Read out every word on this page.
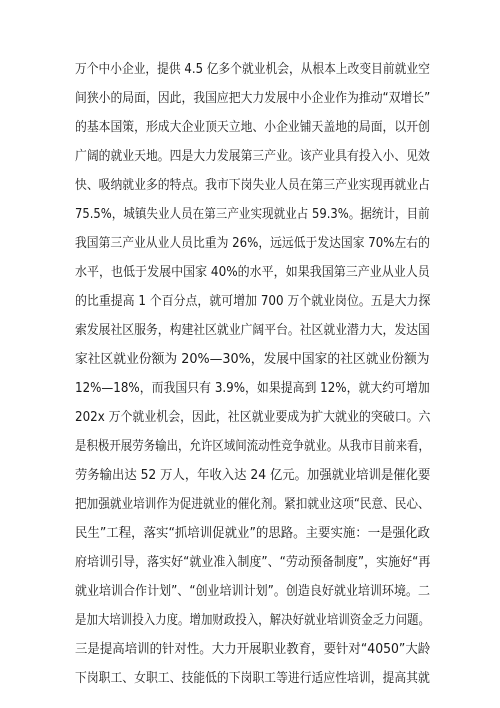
万个中小企业，提供 4.5 亿多个就业机会，从根本上改变目前就业空
间狭小的局面，因此，我国应把大力发展中小企业作为推动“双增长”
的基本国策，形成大企业顶天立地、小企业铺天盖地的局面，以开创
广阔的就业天地。四是大力发展第三产业。该产业具有投入小、见效
快、吸纳就业多的特点。我市下岗失业人员在第三产业实现再就业占
75.5%，城镇失业人员在第三产业实现就业占 59.3%。据统计，目前
我国第三产业从业人员比重为 26%，远远低于发达国家 70%左右的
水平，也低于发展中国家 40%的水平，如果我国第三产业从业人员
的比重提高 1 个百分点，就可增加 700 万个就业岗位。五是大力探
索发展社区服务，构建社区就业广阔平台。社区就业潜力大，发达国
家社区就业份额为 20%—30%，发展中国家的社区就业份额为
12%—18%，而我国只有 3.9%，如果提高到 12%，就大约可增加
202x 万个就业机会，因此，社区就业要成为扩大就业的突破口。六
是积极开展劳务输出，允许区域间流动性竞争就业。从我市目前来看，
劳务输出达 52 万人，年收入达 24 亿元。加强就业培训是催化要
把加强就业培训作为促进就业的催化剂。紧扣就业这项“民意、民心、
民生”工程，落实“抓培训促就业”的思路。主要实施：一是强化政
府培训引导，落实好“就业准入制度”、“劳动预备制度”，实施好“再
就业培训合作计划”、“创业培训计划”。创造良好就业培训环境。二
是加大培训投入力度。增加财政投入，解决好就业培训资金乏力问题。
三是提高培训的针对性。大力开展职业教育，要针对“4050”大龄
下岗职工、女职工、技能低的下岗职工等进行适应性培训，提高其就
